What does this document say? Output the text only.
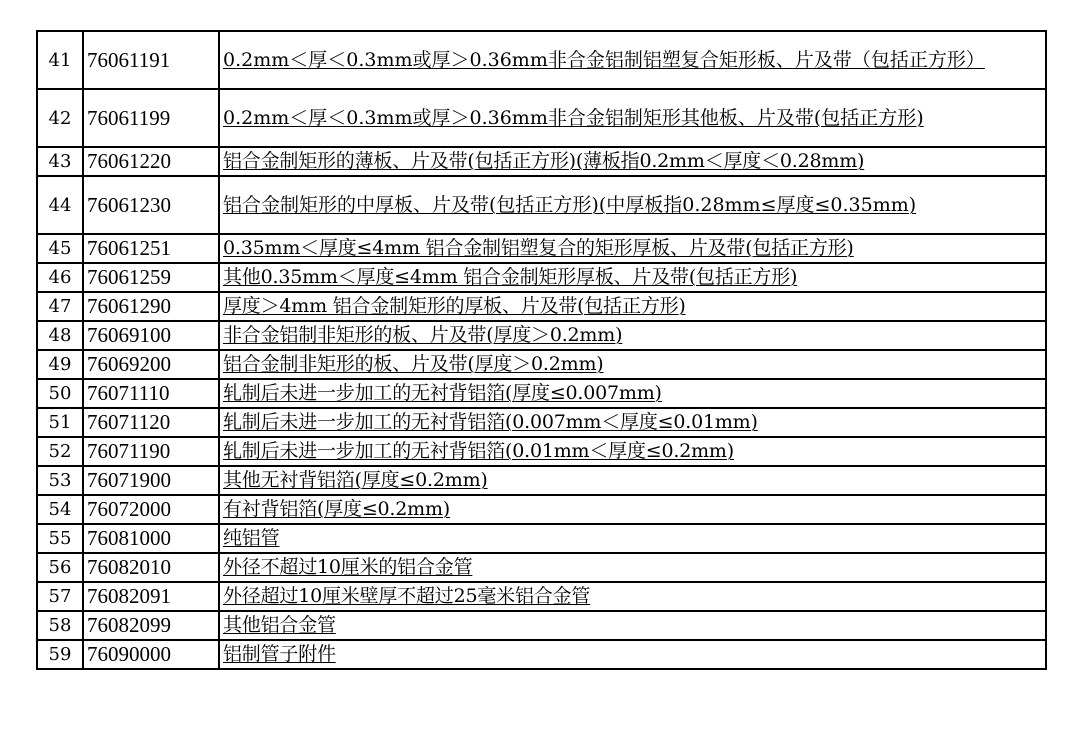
41	76061191	0.2mm＜厚＜0.3mm或厚＞0.36mm非合金铝制铝塑复合矩形板、片及带（包括正方形）

42	76061199	0.2mm＜厚＜0.3mm或厚＞0.36mm非合金铝制矩形其他板、片及带(包括正方形)

43	76061220	铝合金制矩形的薄板、片及带(包括正方形)(薄板指0.2mm＜厚度＜0.28mm)

44	76061230	铝合金制矩形的中厚板、片及带(包括正方形)(中厚板指0.28mm≤厚度≤0.35mm)

45	76061251	0.35mm＜厚度≤4mm 铝合金制铝塑复合的矩形厚板、片及带(包括正方形)

46	76061259	其他0.35mm＜厚度≤4mm 铝合金制矩形厚板、片及带(包括正方形)

47	76061290	厚度＞4mm 铝合金制矩形的厚板、片及带(包括正方形)

48	76069100	非合金铝制非矩形的板、片及带(厚度＞0.2mm)

49	76069200	铝合金制非矩形的板、片及带(厚度＞0.2mm)

50	76071110	轧制后未进一步加工的无衬背铝箔(厚度≤0.007mm)

51	76071120	轧制后未进一步加工的无衬背铝箔(0.007mm＜厚度≤0.01mm)

52	76071190	轧制后未进一步加工的无衬背铝箔(0.01mm＜厚度≤0.2mm)

53	76071900	其他无衬背铝箔(厚度≤0.2mm)

54	76072000	有衬背铝箔(厚度≤0.2mm)

55	76081000	纯铝管

56	76082010	外径不超过10厘米的铝合金管

57	76082091	外径超过10厘米壁厚不超过25毫米铝合金管

58	76082099	其他铝合金管

59	76090000	铝制管子附件
